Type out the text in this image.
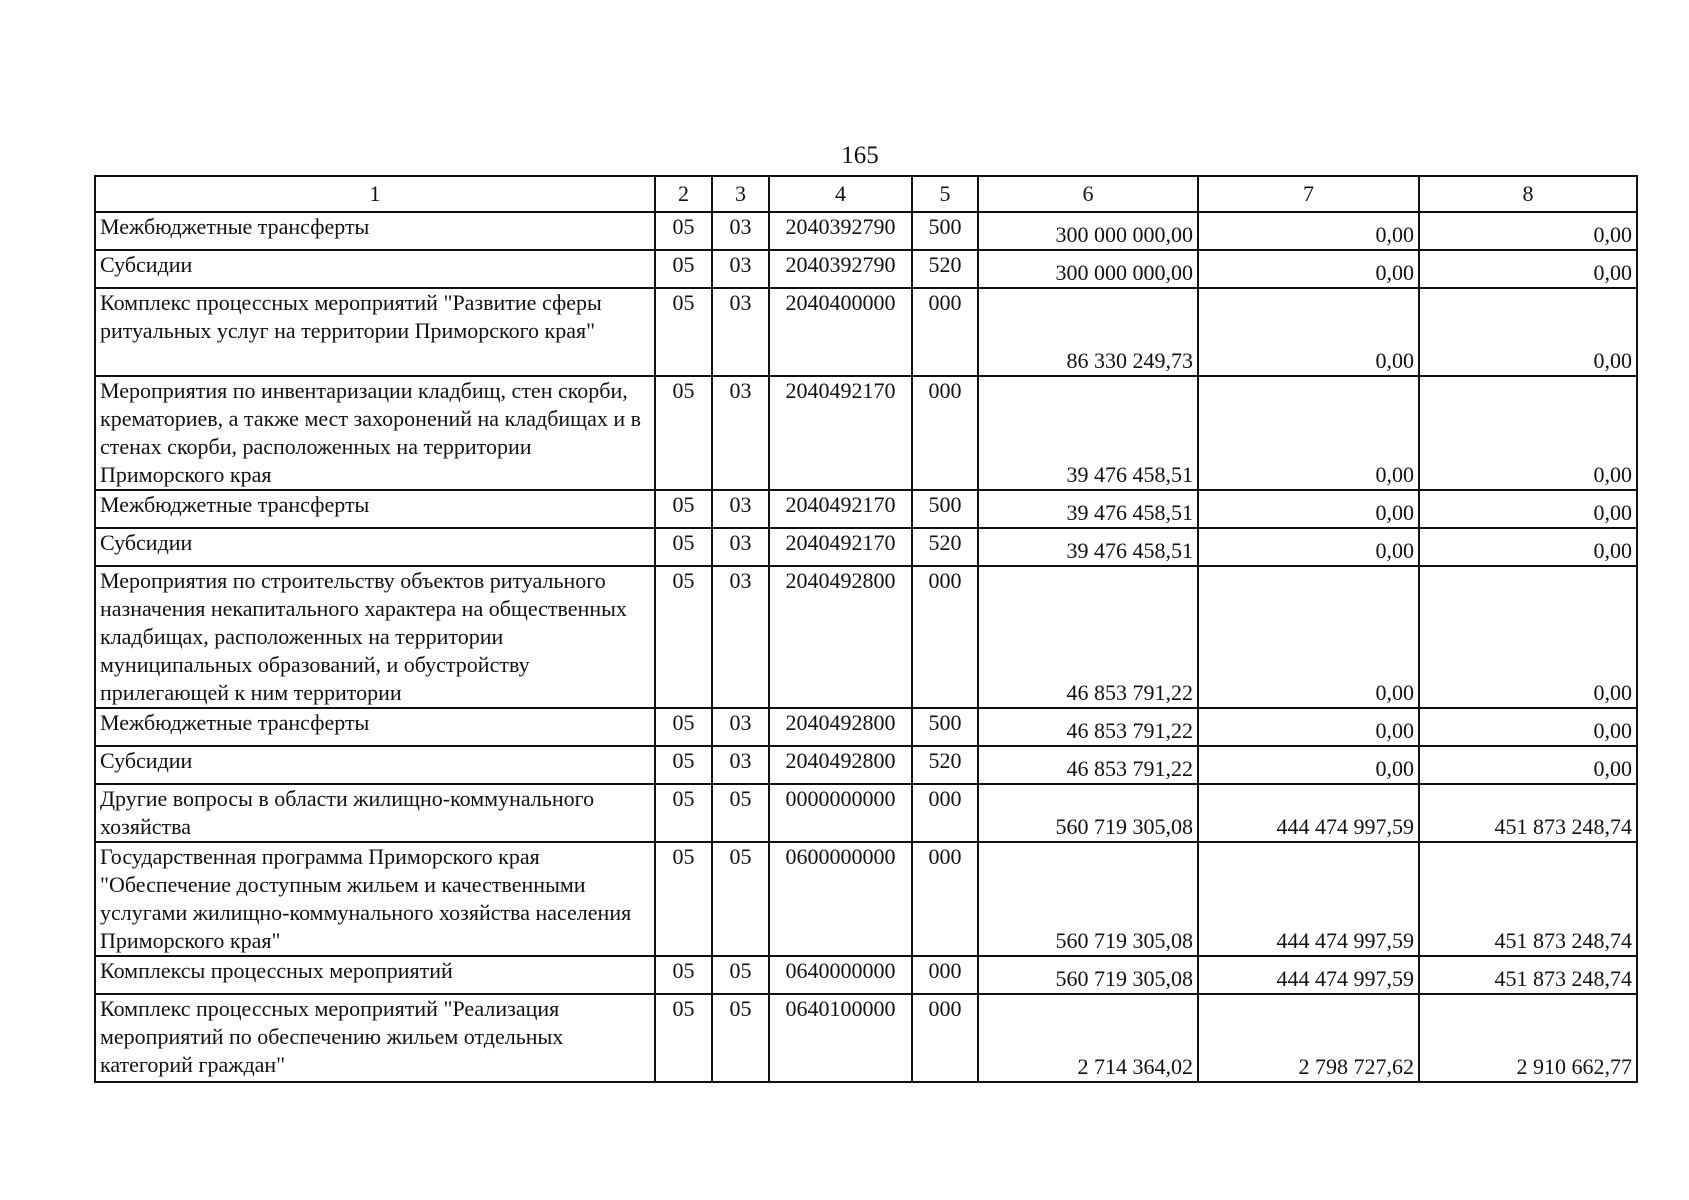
165
1	2	3	4	5	6	7	8
Межбюджетные трансферты	05	03	2040392790	500	300 000 000,00	0,00	0,00
Субсидии	05	03	2040392790	520	300 000 000,00	0,00	0,00
Комплекс процессных мероприятий "Развитие сферы ритуальных услуг на территории Приморского края"	05	03	2040400000	000	86 330 249,73	0,00	0,00
Мероприятия по инвентаризации кладбищ, стен скорби, крематориев, а также мест захоронений на кладбищах и в стенах скорби, расположенных на территории Приморского края	05	03	2040492170	000	39 476 458,51	0,00	0,00
Межбюджетные трансферты	05	03	2040492170	500	39 476 458,51	0,00	0,00
Субсидии	05	03	2040492170	520	39 476 458,51	0,00	0,00
Мероприятия по строительству объектов ритуального назначения некапитального характера на общественных кладбищах, расположенных на территории муниципальных образований, и обустройству прилегающей к ним территории	05	03	2040492800	000	46 853 791,22	0,00	0,00
Межбюджетные трансферты	05	03	2040492800	500	46 853 791,22	0,00	0,00
Субсидии	05	03	2040492800	520	46 853 791,22	0,00	0,00
Другие вопросы в области жилищно-коммунального хозяйства	05	05	0000000000	000	560 719 305,08	444 474 997,59	451 873 248,74
Государственная программа Приморского края "Обеспечение доступным жильем и качественными услугами жилищно-коммунального хозяйства населения Приморского края"	05	05	0600000000	000	560 719 305,08	444 474 997,59	451 873 248,74
Комплексы процессных мероприятий	05	05	0640000000	000	560 719 305,08	444 474 997,59	451 873 248,74
Комплекс процессных мероприятий "Реализация мероприятий по обеспечению жильем отдельных категорий граждан"	05	05	0640100000	000	2 714 364,02	2 798 727,62	2 910 662,77
